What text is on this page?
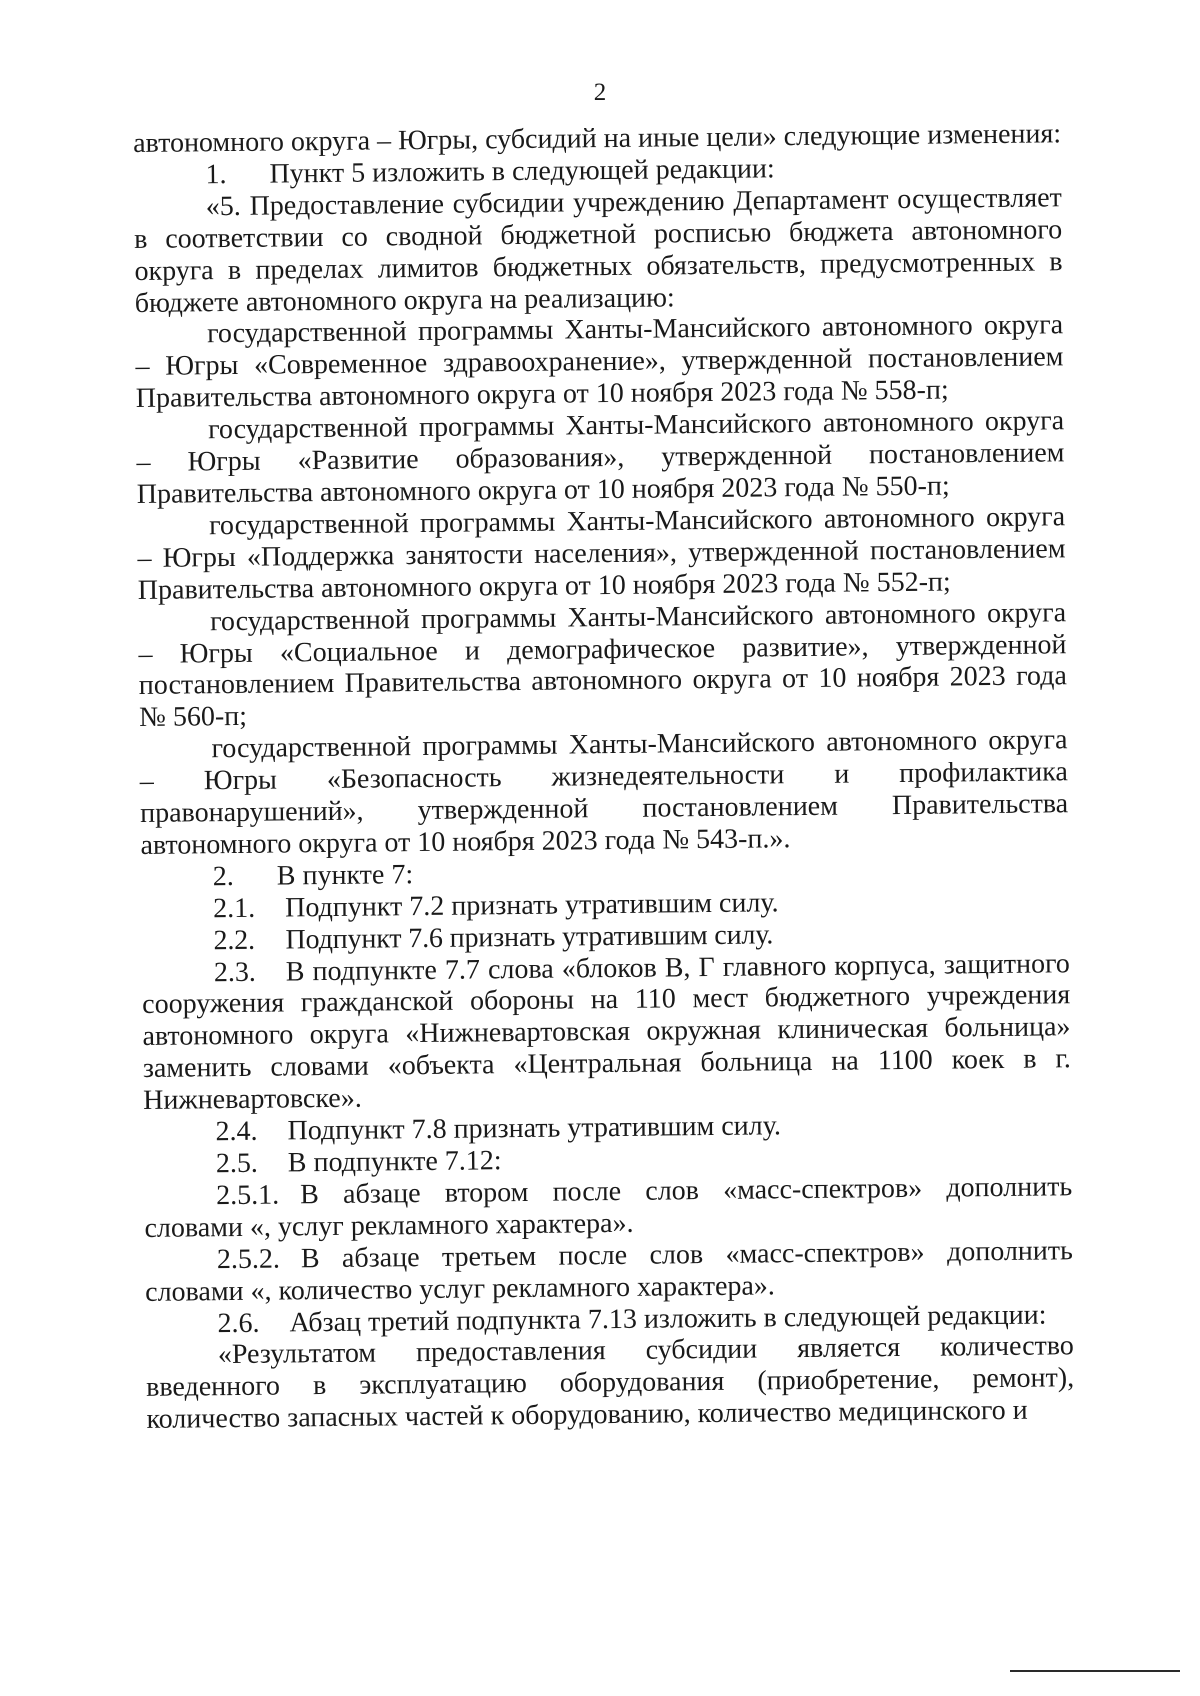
2

автономного округа – Югры, субсидий на иные цели» следующие изменения:

1. Пункт 5 изложить в следующей редакции:

«5. Предоставление субсидии учреждению Департамент осуществляет в соответствии со сводной бюджетной росписью бюджета автономного округа в пределах лимитов бюджетных обязательств, предусмотренных в бюджете автономного округа на реализацию:

государственной программы Ханты-Мансийского автономного округа – Югры «Современное здравоохранение», утвержденной постановлением Правительства автономного округа от 10 ноября 2023 года № 558-п;

государственной программы Ханты-Мансийского автономного округа – Югры «Развитие образования», утвержденной постановлением Правительства автономного округа от 10 ноября 2023 года № 550-п;

государственной программы Ханты-Мансийского автономного округа – Югры «Поддержка занятости населения», утвержденной постановлением Правительства автономного округа от 10 ноября 2023 года № 552-п;

государственной программы Ханты-Мансийского автономного округа – Югры «Социальное и демографическое развитие», утвержденной постановлением Правительства автономного округа от 10 ноября 2023 года № 560-п;

государственной программы Ханты-Мансийского автономного округа – Югры «Безопасность жизнедеятельности и профилактика правонарушений», утвержденной постановлением Правительства автономного округа от 10 ноября 2023 года № 543-п.».

2. В пункте 7:

2.1. Подпункт 7.2 признать утратившим силу.

2.2. Подпункт 7.6 признать утратившим силу.

2.3. В подпункте 7.7 слова «блоков В, Г главного корпуса, защитного сооружения гражданской обороны на 110 мест бюджетного учреждения автономного округа «Нижневартовская окружная клиническая больница» заменить словами «объекта «Центральная больница на 1100 коек в г. Нижневартовске».

2.4. Подпункт 7.8 признать утратившим силу.

2.5. В подпункте 7.12:

2.5.1. В абзаце втором после слов «масс-спектров» дополнить словами «, услуг рекламного характера».

2.5.2. В абзаце третьем после слов «масс-спектров» дополнить словами «, количество услуг рекламного характера».

2.6. Абзац третий подпункта 7.13 изложить в следующей редакции:

«Результатом предоставления субсидии является количество введенного в эксплуатацию оборудования (приобретение, ремонт), количество запасных частей к оборудованию, количество медицинского и
